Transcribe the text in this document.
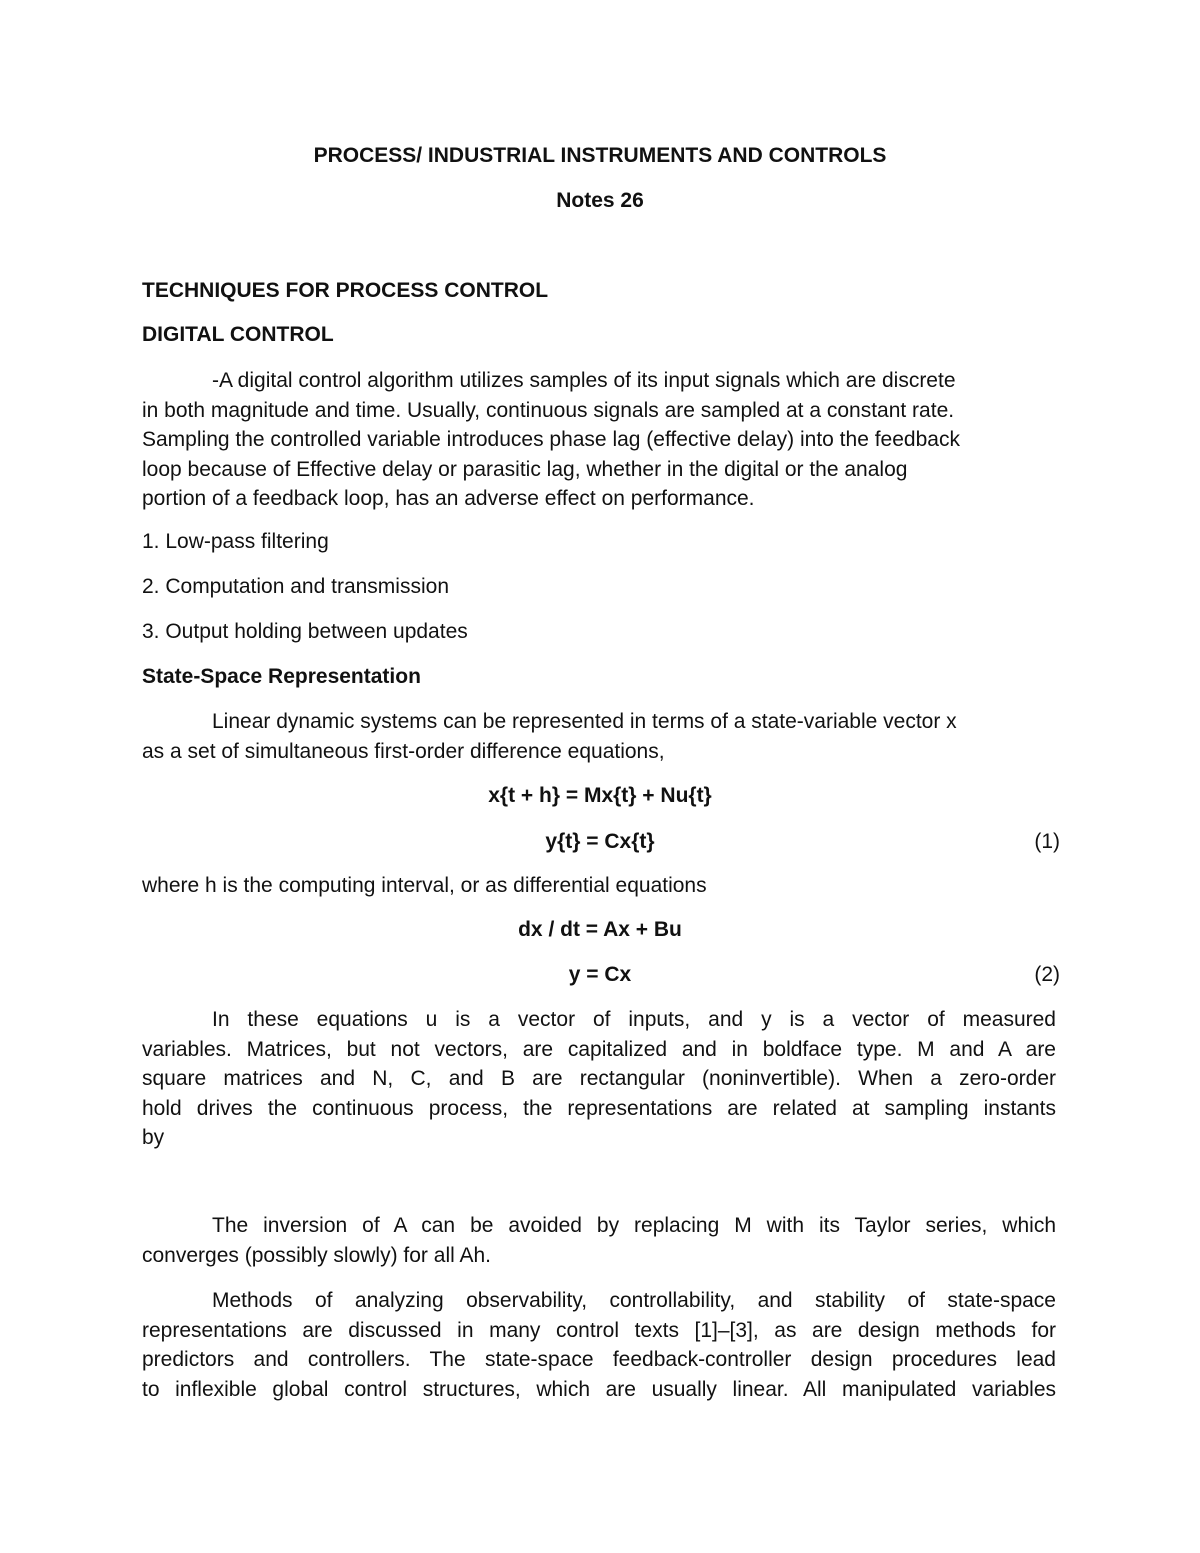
PROCESS/ INDUSTRIAL INSTRUMENTS AND CONTROLS
Notes 26
TECHNIQUES FOR PROCESS CONTROL
DIGITAL CONTROL
-A digital control algorithm utilizes samples of its input signals which are discrete
in both magnitude and time. Usually, continuous signals are sampled at a constant rate.
Sampling the controlled variable introduces phase lag (effective delay) into the feedback
loop because of Effective delay or parasitic lag, whether in the digital or the analog
portion of a feedback loop, has an adverse effect on performance.
1. Low-pass filtering
2. Computation and transmission
3. Output holding between updates
State-Space Representation
Linear dynamic systems can be represented in terms of a state-variable vector x
as a set of simultaneous first-order difference equations,
x{t + h} = Mx{t} + Nu{t}
y{t} = Cx{t}	(1)
where h is the computing interval, or as differential equations
dx / dt = Ax + Bu
y = Cx	(2)
In these equations u is a vector of inputs, and y is a vector of measured
variables. Matrices, but not vectors, are capitalized and in boldface type. M and A are
square matrices and N, C, and B are rectangular (noninvertible). When a zero-order
hold drives the continuous process, the representations are related at sampling instants
by
The inversion of A can be avoided by replacing M with its Taylor series, which
converges (possibly slowly) for all Ah.
Methods of analyzing observability, controllability, and stability of state-space
representations are discussed in many control texts [1]–[3], as are design methods for
predictors and controllers. The state-space feedback-controller design procedures lead
to inflexible global control structures, which are usually linear. All manipulated variables
